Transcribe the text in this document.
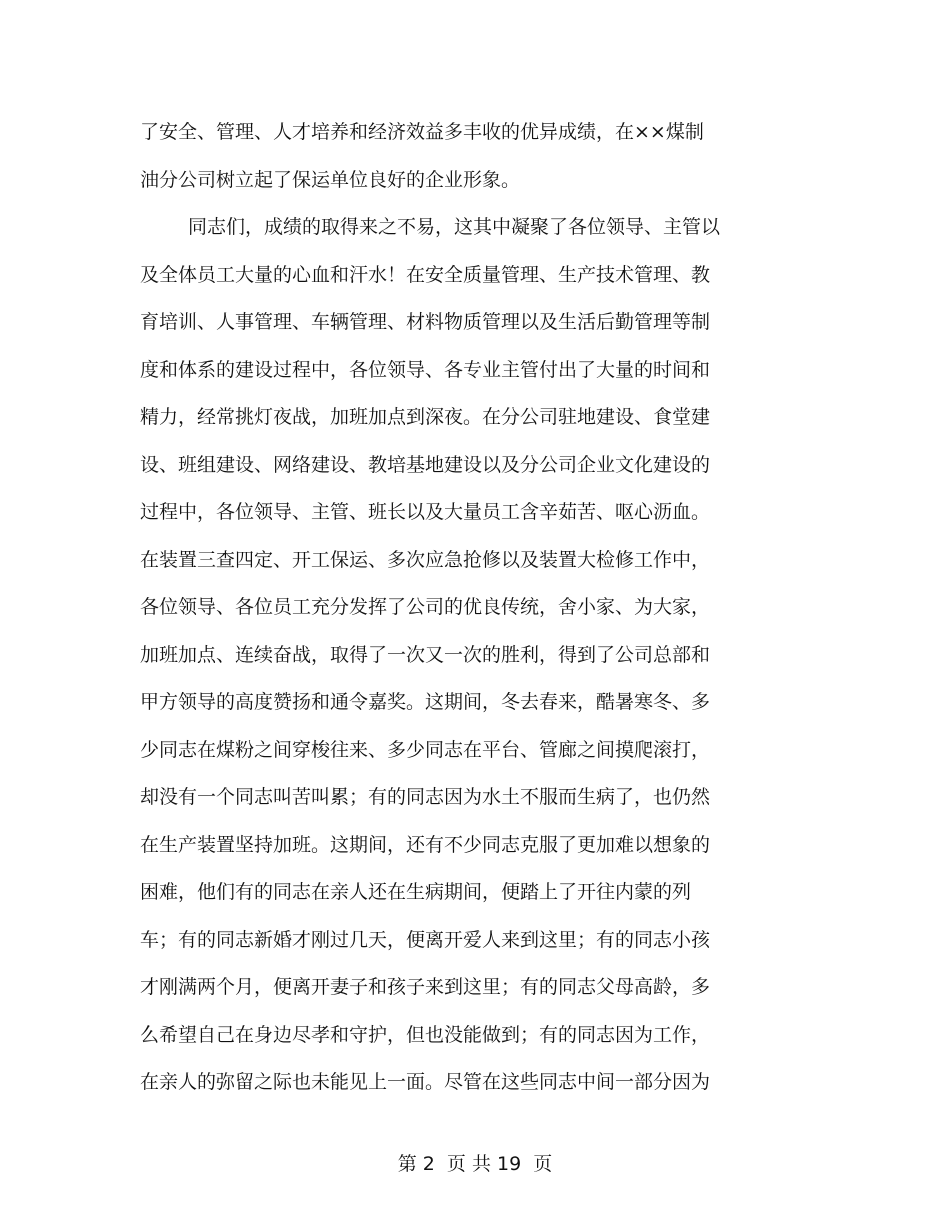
了安全、管理、人才培养和经济效益多丰收的优异成绩，在××煤制
油分公司树立起了保运单位良好的企业形象。
同志们，成绩的取得来之不易，这其中凝聚了各位领导、主管以
及全体员工大量的心血和汗水！在安全质量管理、生产技术管理、教
育培训、人事管理、车辆管理、材料物质管理以及生活后勤管理等制
度和体系的建设过程中，各位领导、各专业主管付出了大量的时间和
精力，经常挑灯夜战，加班加点到深夜。在分公司驻地建设、食堂建
设、班组建设、网络建设、教培基地建设以及分公司企业文化建设的
过程中，各位领导、主管、班长以及大量员工含辛茹苦、呕心沥血。
在装置三查四定、开工保运、多次应急抢修以及装置大检修工作中，
各位领导、各位员工充分发挥了公司的优良传统，舍小家、为大家，
加班加点、连续奋战，取得了一次又一次的胜利，得到了公司总部和
甲方领导的高度赞扬和通令嘉奖。这期间，冬去春来，酷暑寒冬、多
少同志在煤粉之间穿梭往来、多少同志在平台、管廊之间摸爬滚打，
却没有一个同志叫苦叫累；有的同志因为水土不服而生病了，也仍然
在生产装置坚持加班。这期间，还有不少同志克服了更加难以想象的
困难，他们有的同志在亲人还在生病期间，便踏上了开往内蒙的列
车；有的同志新婚才刚过几天，便离开爱人来到这里；有的同志小孩
才刚满两个月，便离开妻子和孩子来到这里；有的同志父母高龄，多
么希望自己在身边尽孝和守护，但也没能做到；有的同志因为工作，
在亲人的弥留之际也未能见上一面。尽管在这些同志中间一部分因为
第 2  页 共 19  页
